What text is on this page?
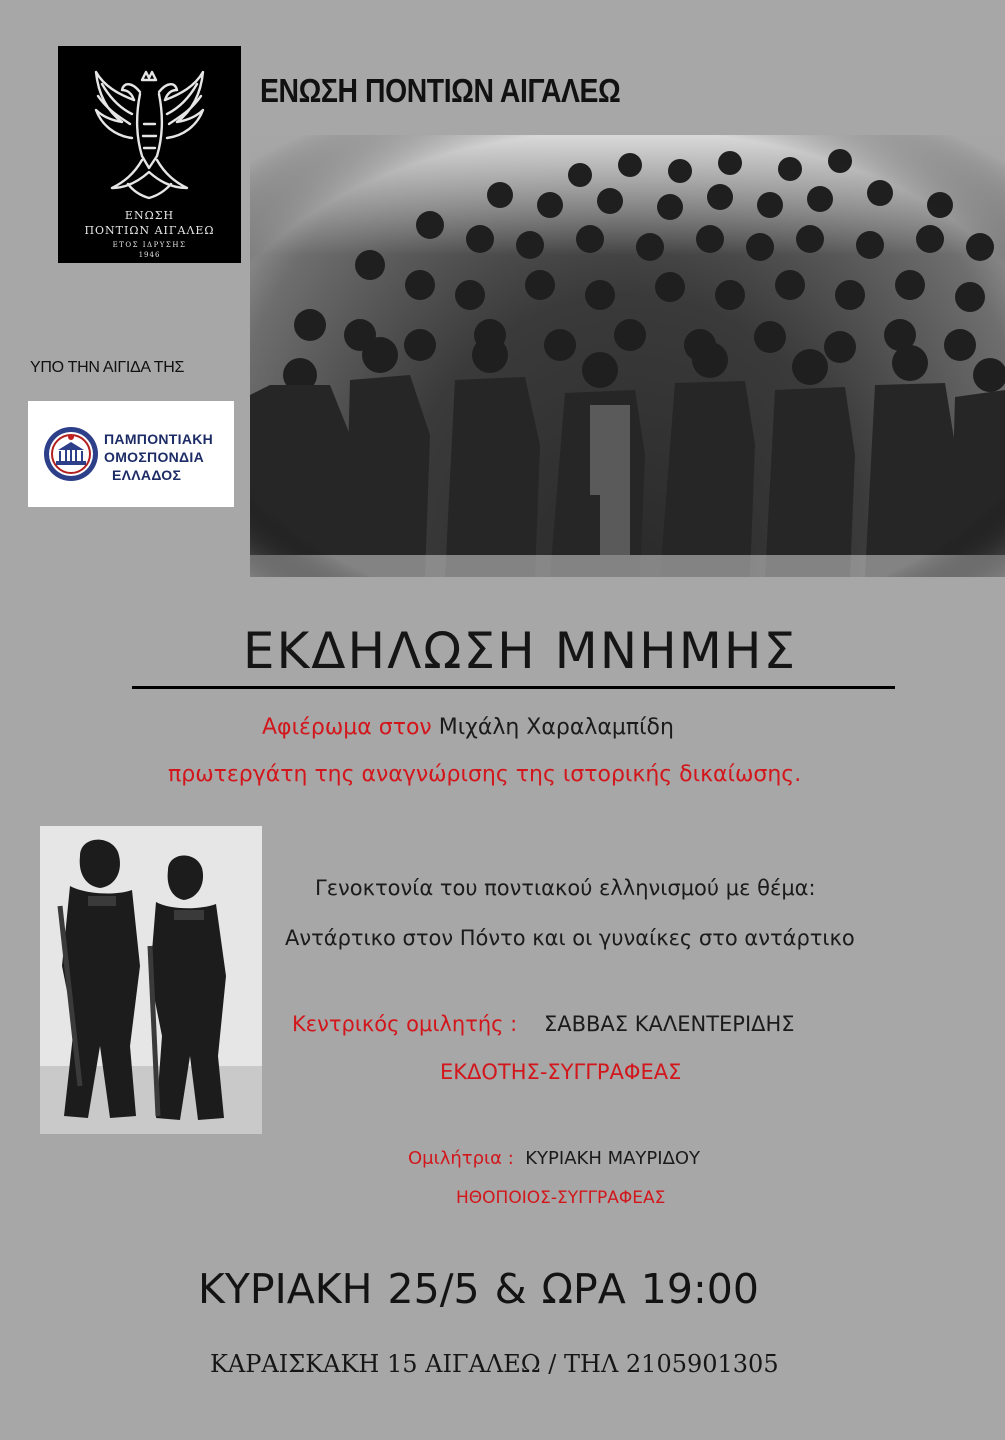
ΕΝΩΣΗ
ΠΟΝΤΙΩΝ ΑΙΓΑΛΕΩ
ΕΤΟΣ ΙΔΡΥΣΗΣ
1946
ΕΝΩΣΗ ΠΟΝΤΙΩΝ ΑΙΓΑΛΕΩ
ΥΠΟ ΤΗΝ ΑΙΓΙΔΑ ΤΗΣ
ΠΑΜΠΟΝΤΙΑΚΗ
ΟΜΟΣΠΟΝΔΙΑ
ΕΛΛΑΔΟΣ
ΕΚΔΗΛΩΣΗ ΜΝΗΜΗΣ
Αφιέρωμα στον Μιχάλη Χαραλαμπίδη
πρωτεργάτη της αναγνώρισης της ιστορικής δικαίωσης.
Γενοκτονία του ποντιακού ελληνισμού με θέμα:
Αντάρτικο στον Πόντο και οι γυναίκες στο αντάρτικο
Κεντρικός ομιλητής : ΣΑΒΒΑΣ ΚΑΛΕΝΤΕΡΙΔΗΣ
ΕΚΔΟΤΗΣ-ΣΥΓΓΡΑΦΕΑΣ
Ομιλήτρια : ΚΥΡΙΑΚΗ ΜΑΥΡΙΔΟΥ
ΗΘΟΠΟΙΟΣ-ΣΥΓΓΡΑΦΕΑΣ
ΚΥΡΙΑΚΗ 25/5 & ΩΡΑ 19:00
ΚΑΡΑΙΣΚΑΚΗ 15 ΑΙΓΑΛΕΩ / ΤΗΛ 2105901305
